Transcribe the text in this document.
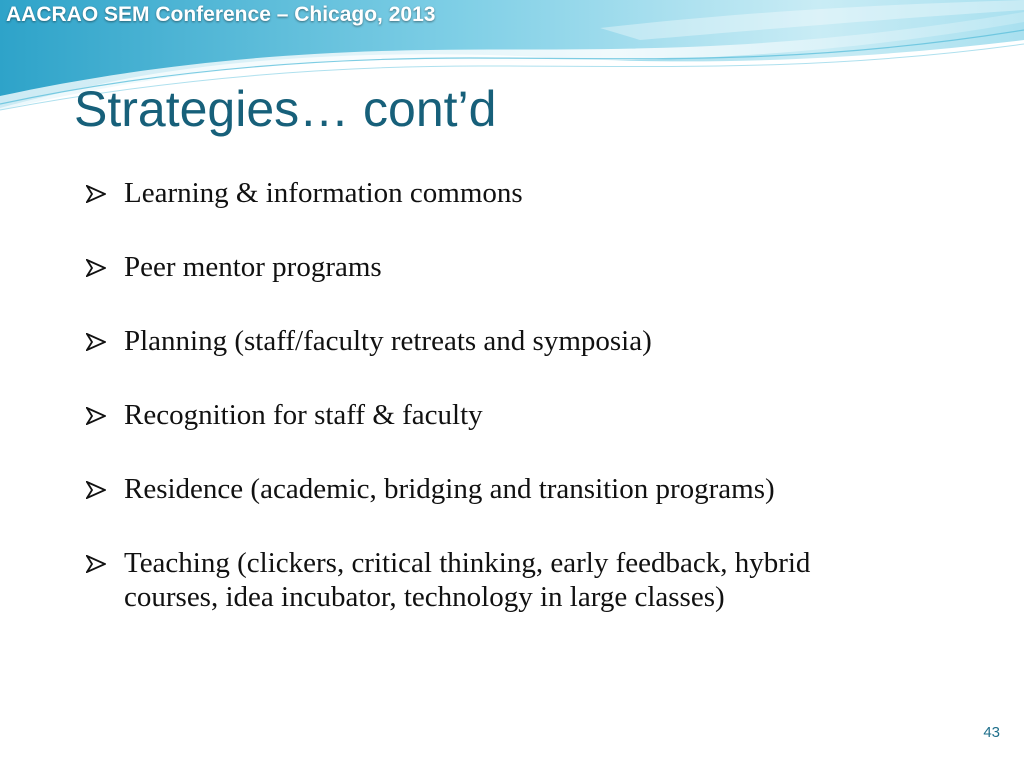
AACRAO SEM Conference – Chicago, 2013
Strategies… cont’d
Learning & information commons
Peer mentor programs
Planning (staff/faculty retreats and symposia)
Recognition for staff & faculty
Residence (academic, bridging and transition programs)
Teaching (clickers, critical thinking, early feedback, hybrid courses, idea incubator, technology in large classes)
43
